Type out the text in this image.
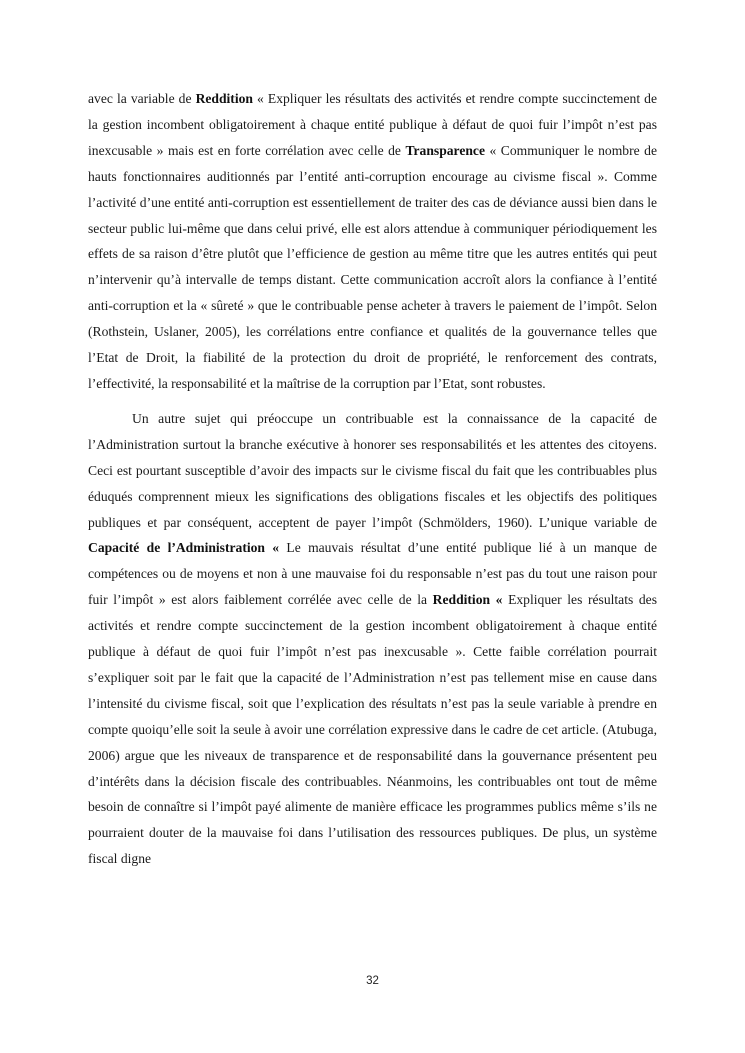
avec la variable de Reddition « Expliquer les résultats des activités et rendre compte succinctement de la gestion incombent obligatoirement à chaque entité publique à défaut de quoi fuir l’impôt n’est pas inexcusable » mais est en forte corrélation avec celle de Transparence « Communiquer le nombre de hauts fonctionnaires auditionnés par l’entité anti-corruption encourage au civisme fiscal ». Comme l’activité d’une entité anti-corruption est essentiellement de traiter des cas de déviance aussi bien dans le secteur public lui-même que dans celui privé, elle est alors attendue à communiquer périodiquement les effets de sa raison d’être plutôt que l’efficience de gestion au même titre que les autres entités qui peut n’intervenir qu’à intervalle de temps distant. Cette communication accroît alors la confiance à l’entité anti-corruption et la « sûreté » que le contribuable pense acheter à travers le paiement de l’impôt. Selon (Rothstein, Uslaner, 2005), les corrélations entre confiance et qualités de la gouvernance telles que l’Etat de Droit, la fiabilité de la protection du droit de propriété, le renforcement des contrats, l’effectivité, la responsabilité et la maîtrise de la corruption par l’Etat, sont robustes.

Un autre sujet qui préoccupe un contribuable est la connaissance de la capacité de l’Administration surtout la branche exécutive à honorer ses responsabilités et les attentes des citoyens. Ceci est pourtant susceptible d’avoir des impacts sur le civisme fiscal du fait que les contribuables plus éduqués comprennent mieux les significations des obligations fiscales et les objectifs des politiques publiques et par conséquent, acceptent de payer l’impôt (Schmölders, 1960). L’unique variable de Capacité de l’Administration « Le mauvais résultat d’une entité publique lié à un manque de compétences ou de moyens et non à une mauvaise foi du responsable n’est pas du tout une raison pour fuir l’impôt » est alors faiblement corrélée avec celle de la Reddition « Expliquer les résultats des activités et rendre compte succinctement de la gestion incombent obligatoirement à chaque entité publique à défaut de quoi fuir l’impôt n’est pas inexcusable ». Cette faible corrélation pourrait s’expliquer soit par le fait que la capacité de l’Administration n’est pas tellement mise en cause dans l’intensité du civisme fiscal, soit que l’explication des résultats n’est pas la seule variable à prendre en compte quoiqu’elle soit la seule à avoir une corrélation expressive dans le cadre de cet article. (Atubuga, 2006) argue que les niveaux de transparence et de responsabilité dans la gouvernance présentent peu d’intérêts dans la décision fiscale des contribuables. Néanmoins, les contribuables ont tout de même besoin de connaître si l’impôt payé alimente de manière efficace les programmes publics même s’ils ne pourraient douter de la mauvaise foi dans l’utilisation des ressources publiques. De plus, un système fiscal digne

32
